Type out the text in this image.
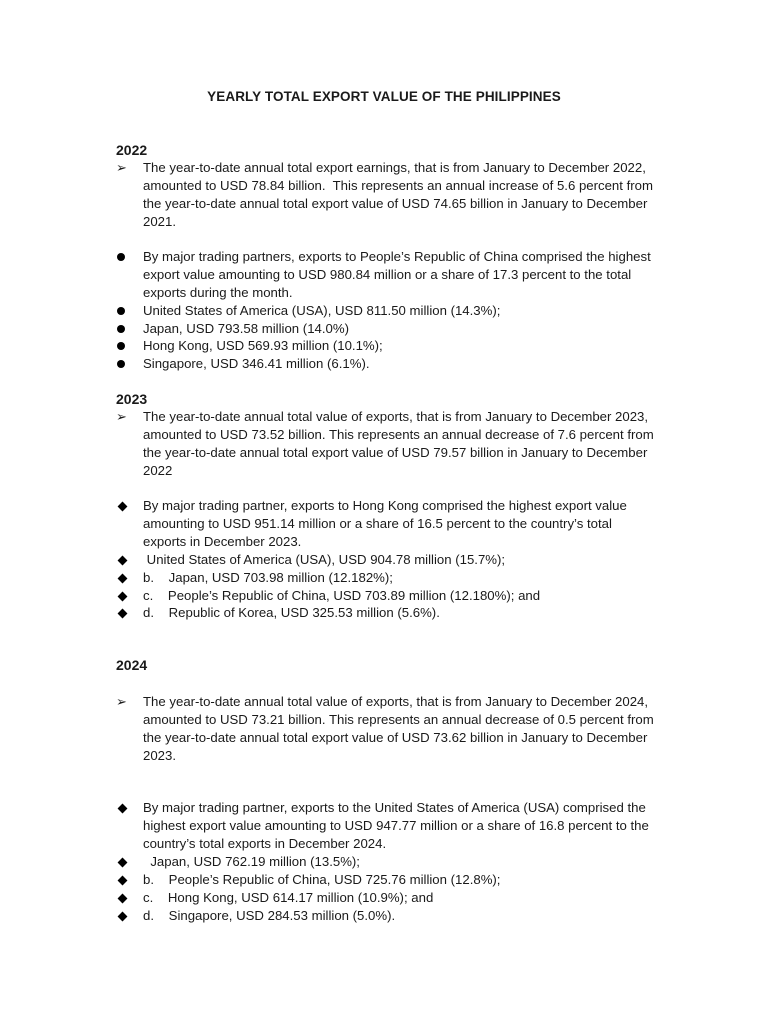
YEARLY TOTAL EXPORT VALUE OF THE PHILIPPINES
2022
➢	The year-to-date annual total export earnings, that is from January to December 2022, amounted to USD 78.84 billion.  This represents an annual increase of 5.6 percent from the year-to-date annual total export value of USD 74.65 billion in January to December 2021.
By major trading partners, exports to People’s Republic of China comprised the highest export value amounting to USD 980.84 million or a share of 17.3 percent to the total exports during the month.
United States of America (USA), USD 811.50 million (14.3%);
Japan, USD 793.58 million (14.0%)
Hong Kong, USD 569.93 million (10.1%);
Singapore, USD 346.41 million (6.1%).
2023
➢	The year-to-date annual total value of exports, that is from January to December 2023, amounted to USD 73.52 billion. This represents an annual decrease of 7.6 percent from the year-to-date annual total export value of USD 79.57 billion in January to December 2022
By major trading partner, exports to Hong Kong comprised the highest export value amounting to USD 951.14 million or a share of 16.5 percent to the country’s total exports in December 2023.
United States of America (USA), USD 904.78 million (15.7%);
b.    Japan, USD 703.98 million (12.182%);
c.    People’s Republic of China, USD 703.89 million (12.180%); and
d.    Republic of Korea, USD 325.53 million (5.6%).
2024
➢	The year-to-date annual total value of exports, that is from January to December 2024, amounted to USD 73.21 billion. This represents an annual decrease of 0.5 percent from the year-to-date annual total export value of USD 73.62 billion in January to December 2023.
By major trading partner, exports to the United States of America (USA) comprised the highest export value amounting to USD 947.77 million or a share of 16.8 percent to the country’s total exports in December 2024.
Japan, USD 762.19 million (13.5%);
b.    People’s Republic of China, USD 725.76 million (12.8%);
c.    Hong Kong, USD 614.17 million (10.9%); and
d.    Singapore, USD 284.53 million (5.0%).
